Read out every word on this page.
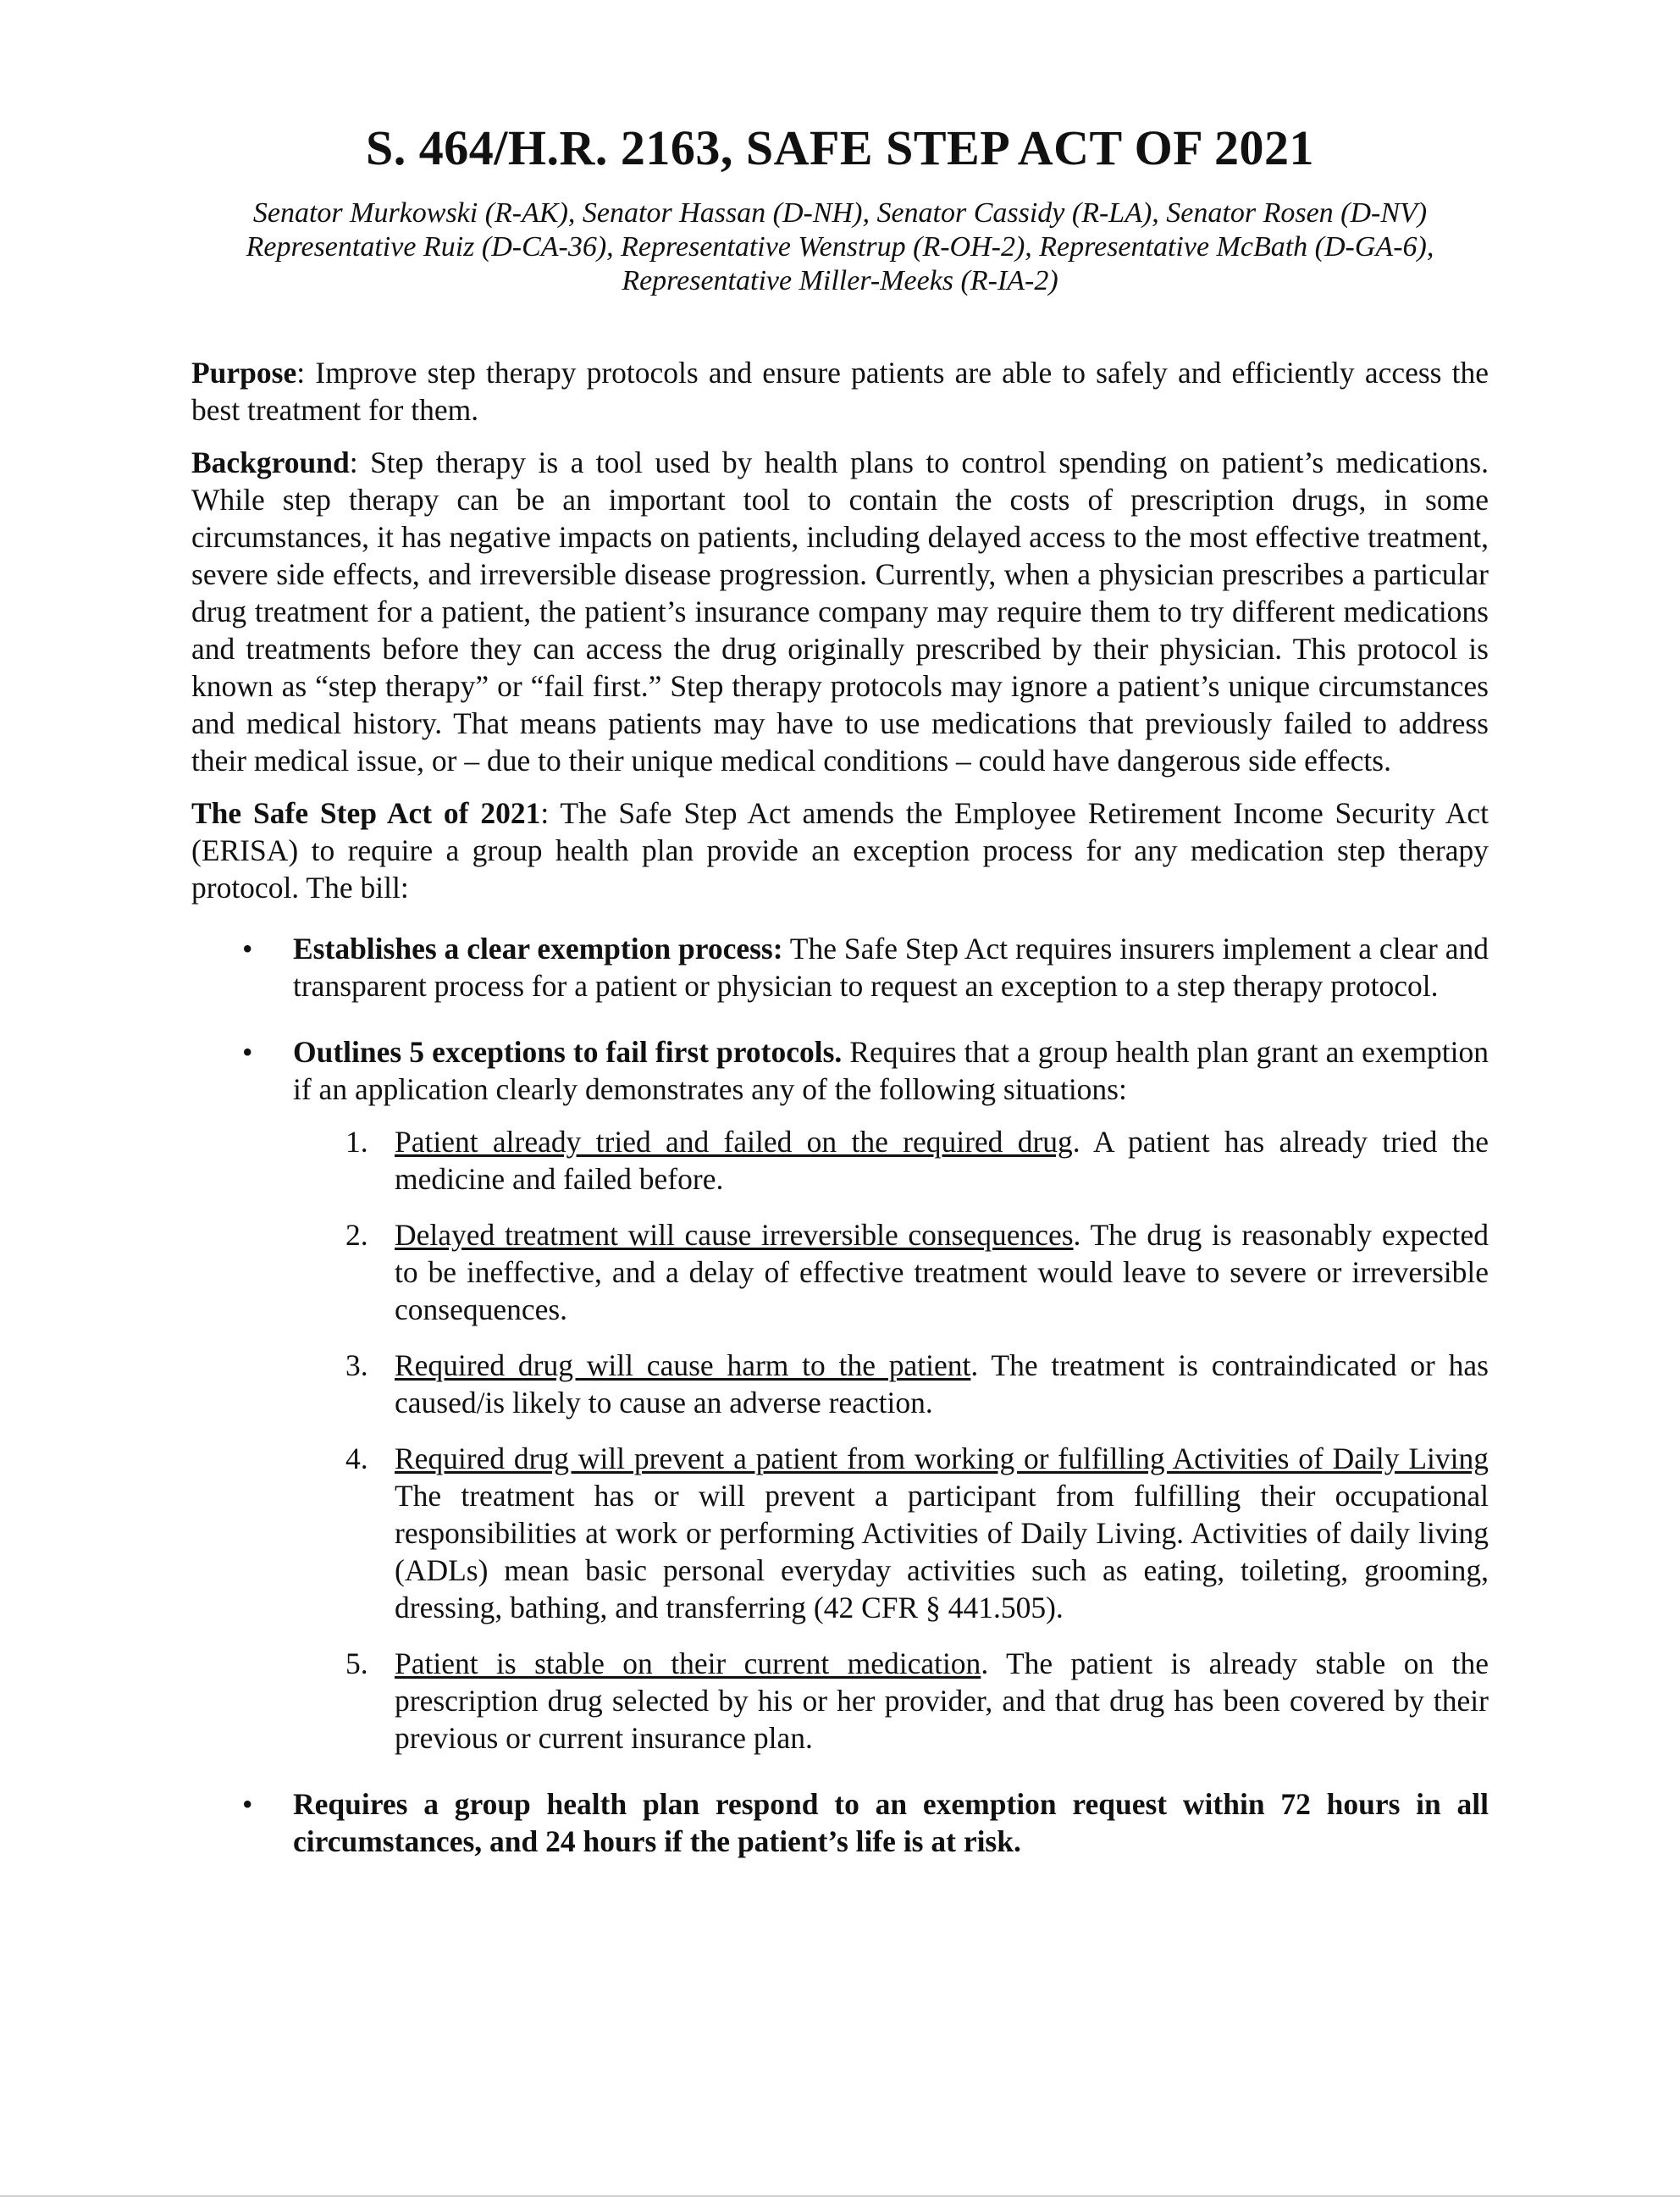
S. 464/H.R. 2163, SAFE STEP ACT OF 2021
Senator Murkowski (R-AK), Senator Hassan (D-NH), Senator Cassidy (R-LA), Senator Rosen (D-NV)
Representative Ruiz (D-CA-36), Representative Wenstrup (R-OH-2), Representative McBath (D-GA-6),
Representative Miller-Meeks (R-IA-2)

Purpose: Improve step therapy protocols and ensure patients are able to safely and efficiently access the best treatment for them.

Background: Step therapy is a tool used by health plans to control spending on patient’s medications. While step therapy can be an important tool to contain the costs of prescription drugs, in some circumstances, it has negative impacts on patients, including delayed access to the most effective treatment, severe side effects, and irreversible disease progression. Currently, when a physician prescribes a particular drug treatment for a patient, the patient’s insurance company may require them to try different medications and treatments before they can access the drug originally prescribed by their physician. This protocol is known as “step therapy” or “fail first.” Step therapy protocols may ignore a patient’s unique circumstances and medical history. That means patients may have to use medications that previously failed to address their medical issue, or – due to their unique medical conditions – could have dangerous side effects.

The Safe Step Act of 2021: The Safe Step Act amends the Employee Retirement Income Security Act (ERISA) to require a group health plan provide an exception process for any medication step therapy protocol. The bill:

• Establishes a clear exemption process: The Safe Step Act requires insurers implement a clear and transparent process for a patient or physician to request an exception to a step therapy protocol.

• Outlines 5 exceptions to fail first protocols. Requires that a group health plan grant an exemption if an application clearly demonstrates any of the following situations:

1. Patient already tried and failed on the required drug. A patient has already tried the medicine and failed before.

2. Delayed treatment will cause irreversible consequences. The drug is reasonably expected to be ineffective, and a delay of effective treatment would leave to severe or irreversible consequences.

3. Required drug will cause harm to the patient. The treatment is contraindicated or has caused/is likely to cause an adverse reaction.

4. Required drug will prevent a patient from working or fulfilling Activities of Daily Living The treatment has or will prevent a participant from fulfilling their occupational responsibilities at work or performing Activities of Daily Living. Activities of daily living (ADLs) mean basic personal everyday activities such as eating, toileting, grooming, dressing, bathing, and transferring (42 CFR § 441.505).

5. Patient is stable on their current medication. The patient is already stable on the prescription drug selected by his or her provider, and that drug has been covered by their previous or current insurance plan.

• Requires a group health plan respond to an exemption request within 72 hours in all circumstances, and 24 hours if the patient’s life is at risk.
